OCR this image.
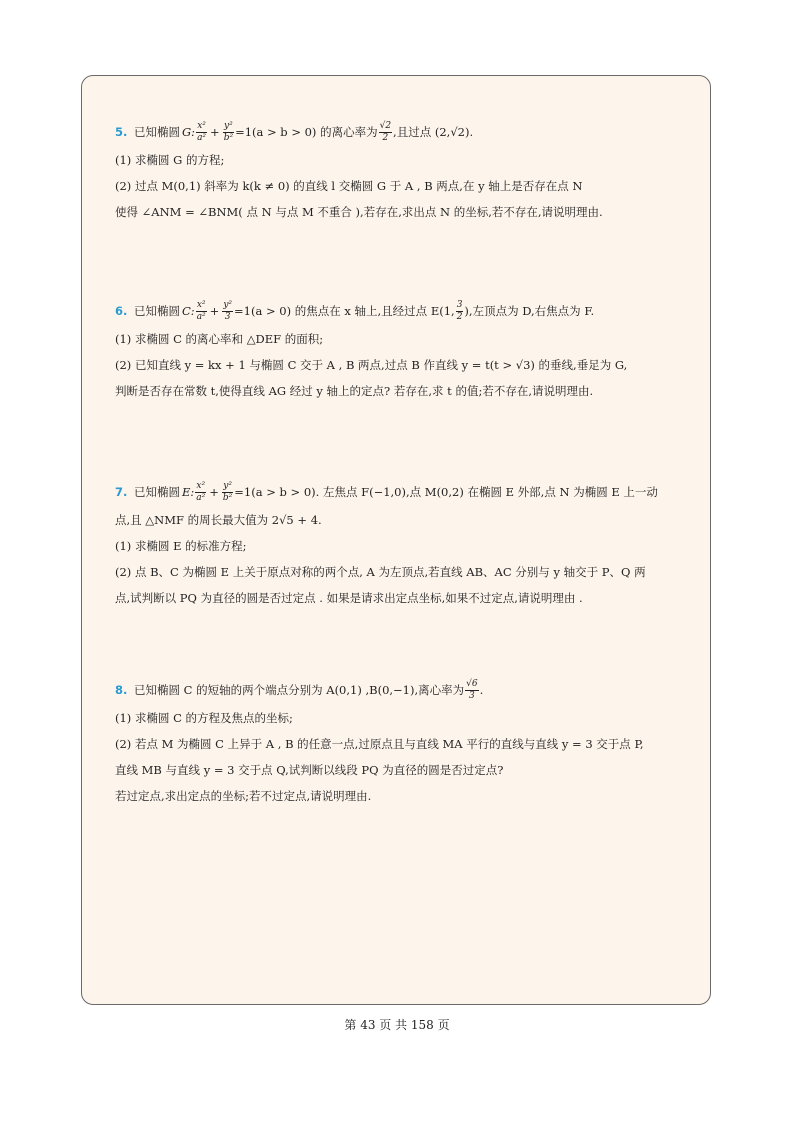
5. 已知椭圆 G: $\frac{\text{x²}}{\text{a²}} + \frac{\text{y²}}{\text{b²}} =1(a > b > 0)$ 的离心率为 $\frac{√2}{2}$ ,且过点 (2,√2).
(1) 求椭圆 G 的方程;
(2) 过点 M(0,1) 斜率为 k(k ≠ 0) 的直线 l 交椭圆 G 于 A , B 两点,在 y 轴上是否存在点 N
使得 ∠ANM = ∠BNM( 点 N 与点 M 不重合 ),若存在,求出点 N 的坐标,若不存在,请说明理由.
6. 已知椭圆 C: $\frac{\text{x²}}{\text{a²}} + \frac{\text{y²}}{3} =1(a > 0)$ 的焦点在 x 轴上,且经过点 E(1, $\frac{3}{2}$ ),左顶点为 D,右焦点为 F.
(1) 求椭圆 C 的离心率和 △DEF 的面积;
(2) 已知直线 y = kx + 1 与椭圆 C 交于 A , B 两点,过点 B 作直线 y = t(t > √3) 的垂线,垂足为 G,
判断是否存在常数 t,使得直线 AG 经过 y 轴上的定点? 若存在,求 t 的值;若不存在,请说明理由.
7. 已知椭圆 E: $\frac{\text{x²}}{\text{a²}} + \frac{\text{y²}}{\text{b²}} =1(a > b > 0)$. 左焦点 F(−1,0),点 M(0,2) 在椭圆 E 外部,点 N 为椭圆 E 上一动
点,且 △NMF 的周长最大值为 2√5 + 4.
(1) 求椭圆 E 的标准方程;
(2) 点 B、C 为椭圆 E 上关于原点对称的两个点, A 为左顶点,若直线 AB、AC 分别与 y 轴交于 P、Q 两
点,试判断以 PQ 为直径的圆是否过定点 . 如果是请求出定点坐标,如果不过定点,请说明理由 .
8. 已知椭圆 C 的短轴的两个端点分别为 A(0,1) ,B(0,−1),离心率为 $\frac{√6}{3}$ .
(1) 求椭圆 C 的方程及焦点的坐标;
(2) 若点 M 为椭圆 C 上异于 A , B 的任意一点,过原点且与直线 MA 平行的直线与直线 y = 3 交于点 P,
直线 MB 与直线 y = 3 交于点 Q,试判断以线段 PQ 为直径的圆是否过定点?
若过定点,求出定点的坐标;若不过定点,请说明理由.
第 43 页 共 158 页
